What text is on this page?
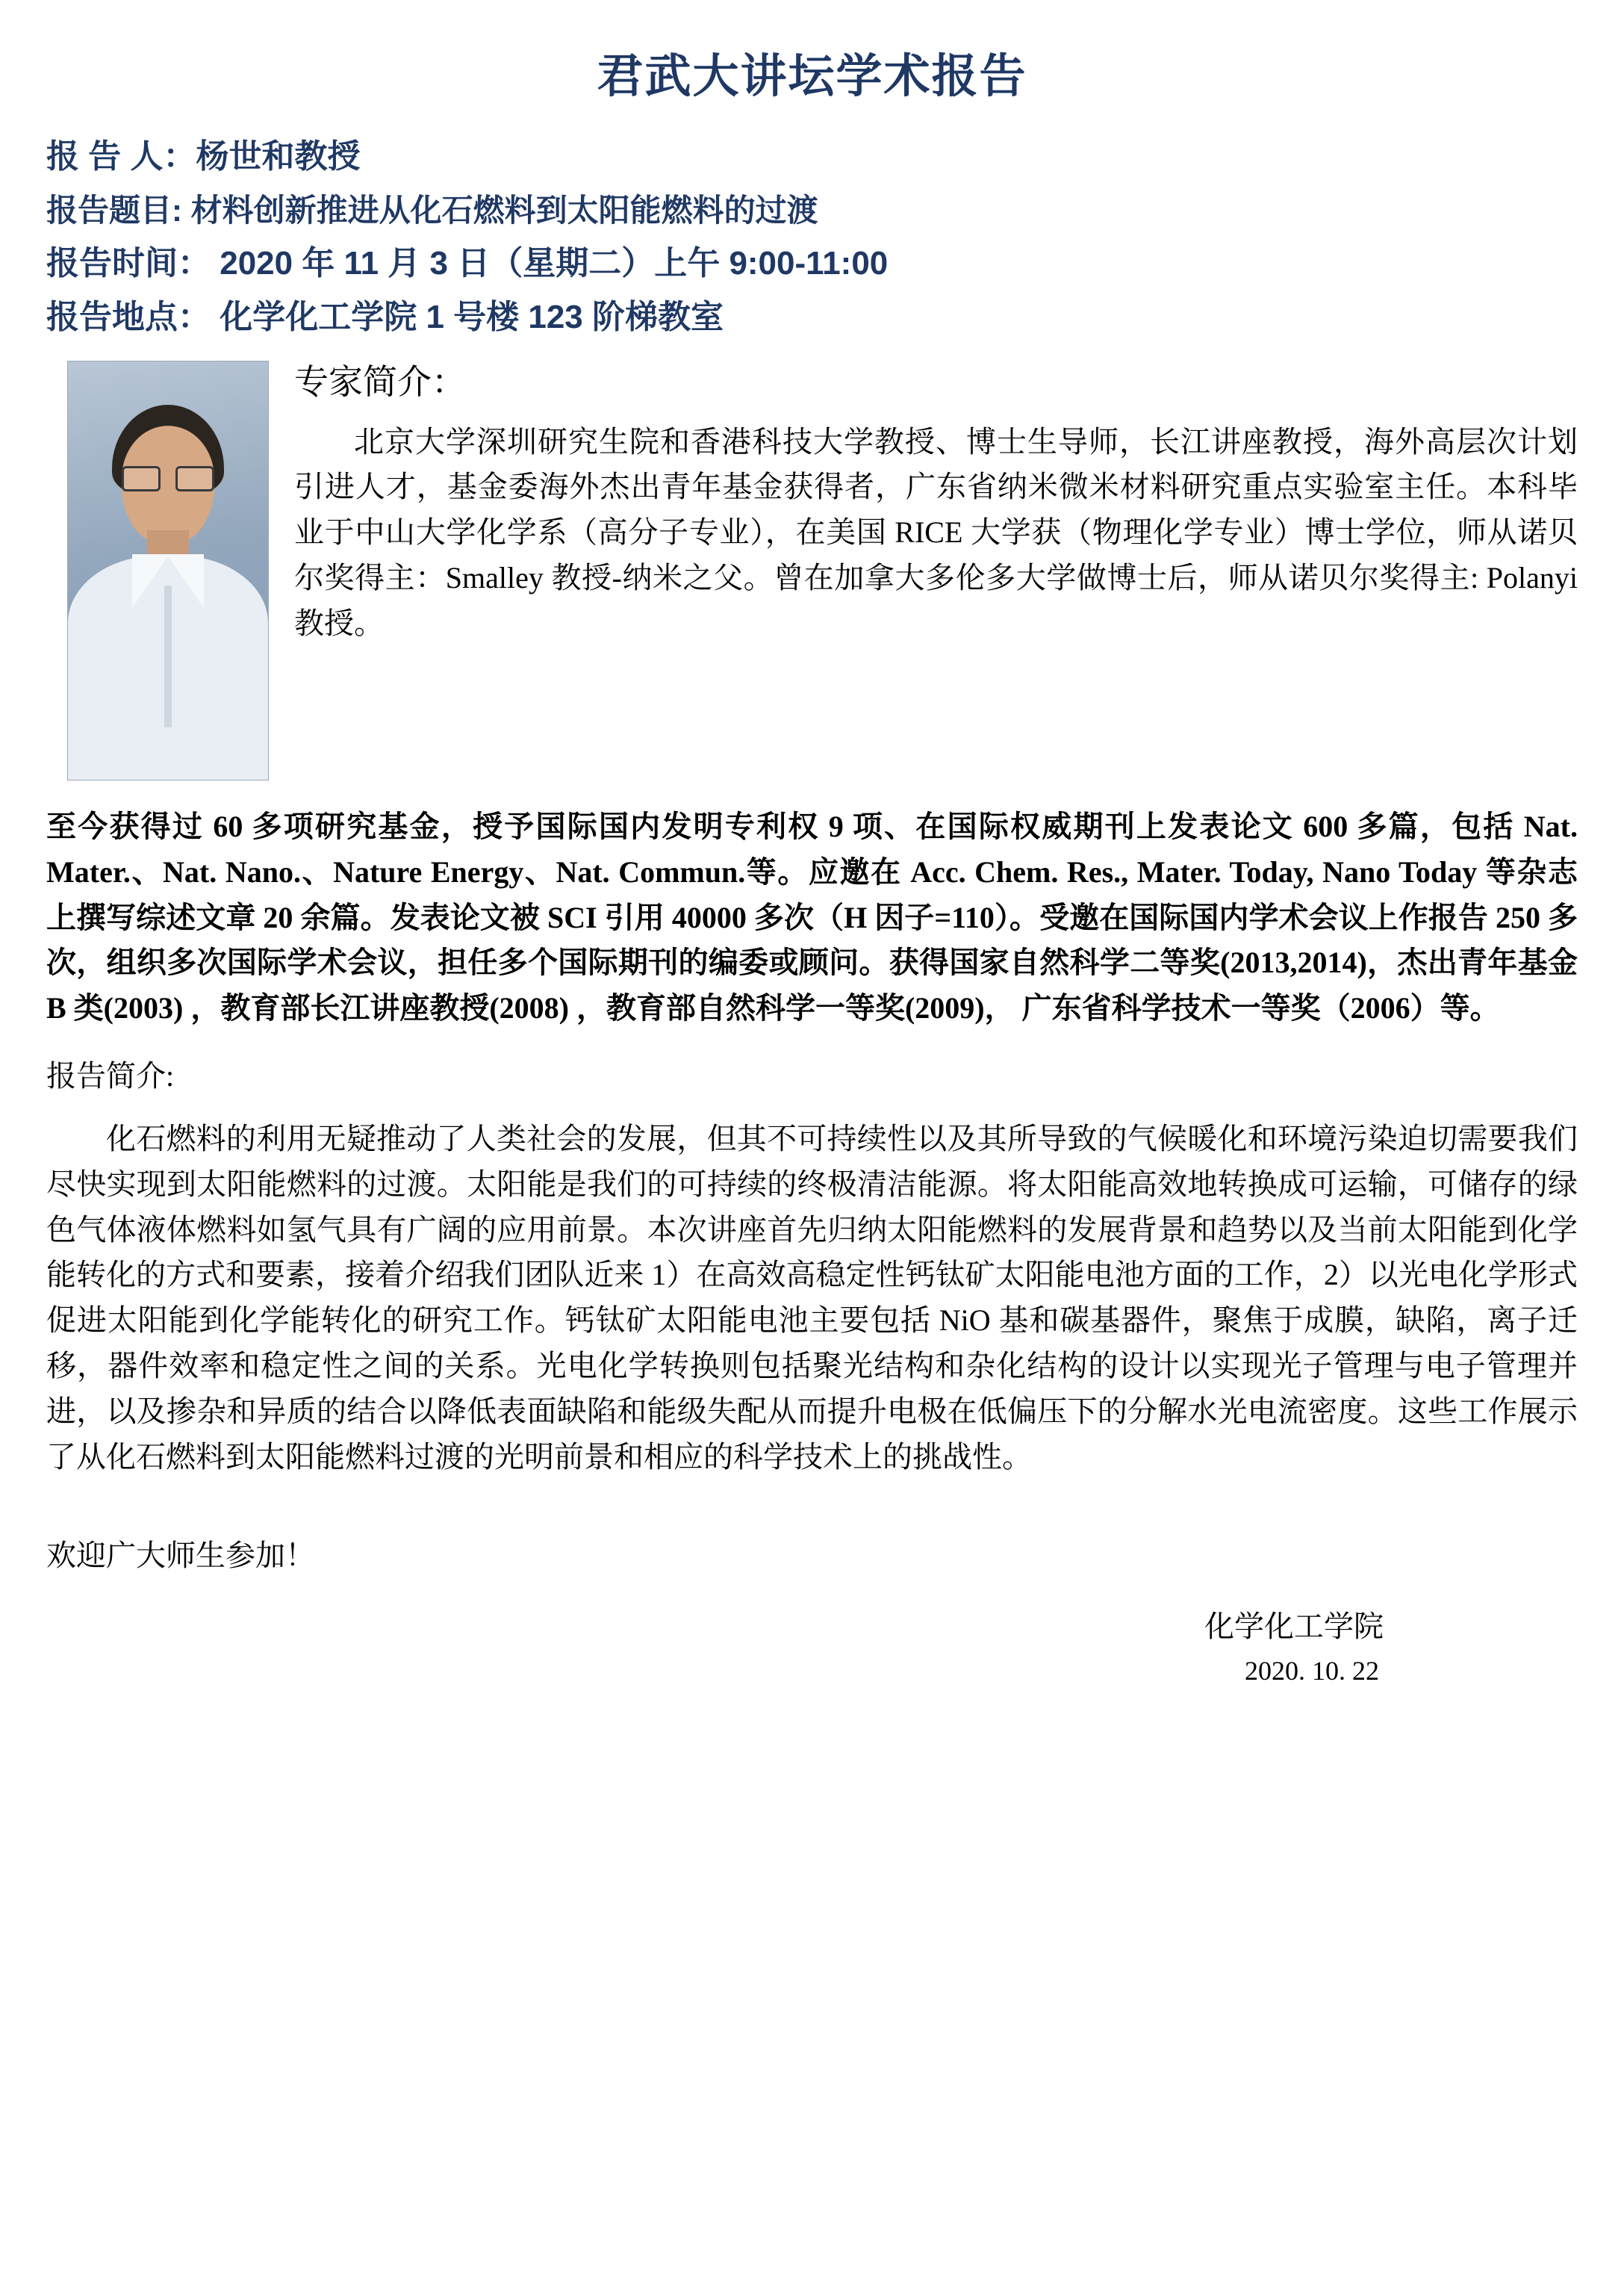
君武大讲坛学术报告
报 告 人：杨世和教授
报告题目: 材料创新推进从化石燃料到太阳能燃料的过渡
报告时间： 2020 年 11 月 3 日（星期二）上午 9:00-11:00
报告地点： 化学化工学院 1 号楼 123 阶梯教室
专家简介：
北京大学深圳研究生院和香港科技大学教授、博士生导师，长江讲座教授，海外高层次计划引进人才，基金委海外杰出青年基金获得者，广东省纳米微米材料研究重点实验室主任。本科毕业于中山大学化学系（高分子专业），在美国 RICE 大学获（物理化学专业）博士学位，师从诺贝尔奖得主：Smalley 教授-纳米之父。曾在加拿大多伦多大学做博士后，师从诺贝尔奖得主: Polanyi 教授。
至今获得过 60 多项研究基金，授予国际国内发明专利权 9 项、在国际权威期刊上发表论文 600 多篇，包括 Nat. Mater.、Nat. Nano.、Nature Energy、Nat. Commun.等。应邀在 Acc. Chem. Res., Mater. Today, Nano Today 等杂志上撰写综述文章 20 余篇。发表论文被 SCI 引用 40000 多次（H 因子=110）。受邀在国际国内学术会议上作报告 250 多次，组织多次国际学术会议，担任多个国际期刊的编委或顾问。获得国家自然科学二等奖(2013,2014)，杰出青年基金 B 类(2003) ，教育部长江讲座教授(2008) ，教育部自然科学一等奖(2009)， 广东省科学技术一等奖（2006）等。
报告简介:
化石燃料的利用无疑推动了人类社会的发展，但其不可持续性以及其所导致的气候暖化和环境污染迫切需要我们尽快实现到太阳能燃料的过渡。太阳能是我们的可持续的终极清洁能源。将太阳能高效地转换成可运输，可储存的绿色气体液体燃料如氢气具有广阔的应用前景。本次讲座首先归纳太阳能燃料的发展背景和趋势以及当前太阳能到化学能转化的方式和要素，接着介绍我们团队近来 1）在高效高稳定性钙钛矿太阳能电池方面的工作，2）以光电化学形式促进太阳能到化学能转化的研究工作。钙钛矿太阳能电池主要包括 NiO 基和碳基器件，聚焦于成膜，缺陷，离子迁移，器件效率和稳定性之间的关系。光电化学转换则包括聚光结构和杂化结构的设计以实现光子管理与电子管理并进，以及掺杂和异质的结合以降低表面缺陷和能级失配从而提升电极在低偏压下的分解水光电流密度。这些工作展示了从化石燃料到太阳能燃料过渡的光明前景和相应的科学技术上的挑战性。
欢迎广大师生参加！
化学化工学院
2020. 10. 22
